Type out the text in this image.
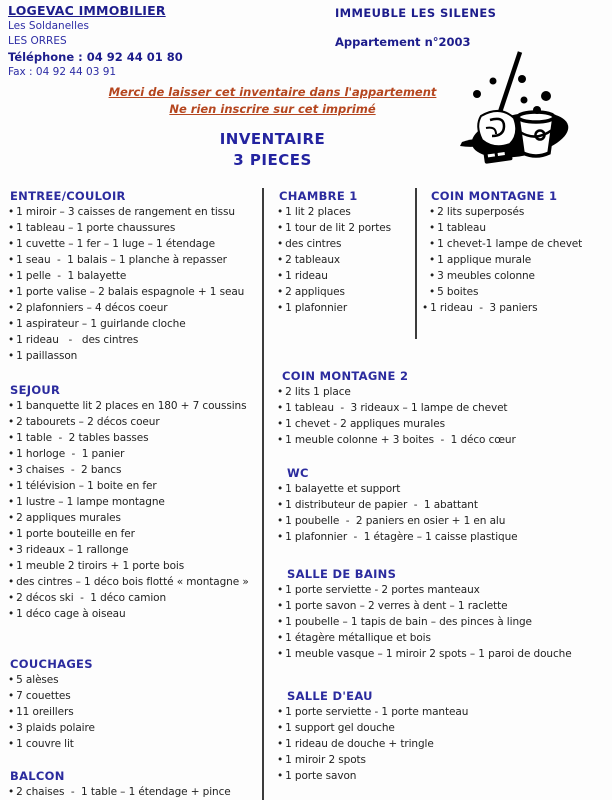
LOGEVAC IMMOBILIER
Les Soldanelles
LES ORRES
Téléphone : 04 92 44 01 80
Fax : 04 92 44 03 91
IMMEUBLE LES SILENES
Appartement n°2003
Merci de laisser cet inventaire dans l'appartement
Ne rien inscrire sur cet imprimé
INVENTAIRE
3 PIECES
ENTREE/COULOIR
• 1 miroir – 3 caisses de rangement en tissu
• 1 tableau – 1 porte chaussures
• 1 cuvette – 1 fer – 1 luge – 1 étendage
• 1 seau  -  1 balais – 1 planche à repasser
• 1 pelle  -  1 balayette
• 1 porte valise – 2 balais espagnole + 1 seau
• 2 plafonniers – 4 décos coeur
• 1 aspirateur – 1 guirlande cloche
• 1 rideau   -   des cintres
• 1 paillasson
SEJOUR
• 1 banquette lit 2 places en 180 + 7 coussins
• 2 tabourets – 2 décos coeur
• 1 table  -  2 tables basses
• 1 horloge  -  1 panier
• 3 chaises  -  2 bancs
• 1 télévision – 1 boite en fer
• 1 lustre – 1 lampe montagne
• 2 appliques murales
• 1 porte bouteille en fer
• 3 rideaux – 1 rallonge
• 1 meuble 2 tiroirs + 1 porte bois
• des cintres – 1 déco bois flotté « montagne »
• 2 décos ski  -  1 déco camion
• 1 déco cage à oiseau
COUCHAGES
• 5 alèses
• 7 couettes
• 11 oreillers
• 3 plaids polaire
• 1 couvre lit
BALCON
• 2 chaises  -  1 table – 1 étendage + pince
CHAMBRE 1
• 1 lit 2 places
• 1 tour de lit 2 portes
• des cintres
• 2 tableaux
• 1 rideau
• 2 appliques
• 1 plafonnier
COIN MONTAGNE 1
• 2 lits superposés
• 1 tableau
• 1 chevet-1 lampe de chevet
• 1 applique murale
• 3 meubles colonne
• 5 boites
• 1 rideau  -  3 paniers
COIN MONTAGNE 2
• 2 lits 1 place
• 1 tableau  -  3 rideaux – 1 lampe de chevet
• 1 chevet - 2 appliques murales
• 1 meuble colonne + 3 boites  -  1 déco cœur
WC
• 1 balayette et support
• 1 distributeur de papier  -  1 abattant
• 1 poubelle  -  2 paniers en osier + 1 en alu
• 1 plafonnier  -  1 étagère – 1 caisse plastique
SALLE DE BAINS
• 1 porte serviette - 2 portes manteaux
• 1 porte savon – 2 verres à dent – 1 raclette
• 1 poubelle – 1 tapis de bain – des pinces à linge
• 1 étagère métallique et bois
• 1 meuble vasque – 1 miroir 2 spots – 1 paroi de douche
SALLE D'EAU
• 1 porte serviette - 1 porte manteau
• 1 support gel douche
• 1 rideau de douche + tringle
• 1 miroir 2 spots
• 1 porte savon
